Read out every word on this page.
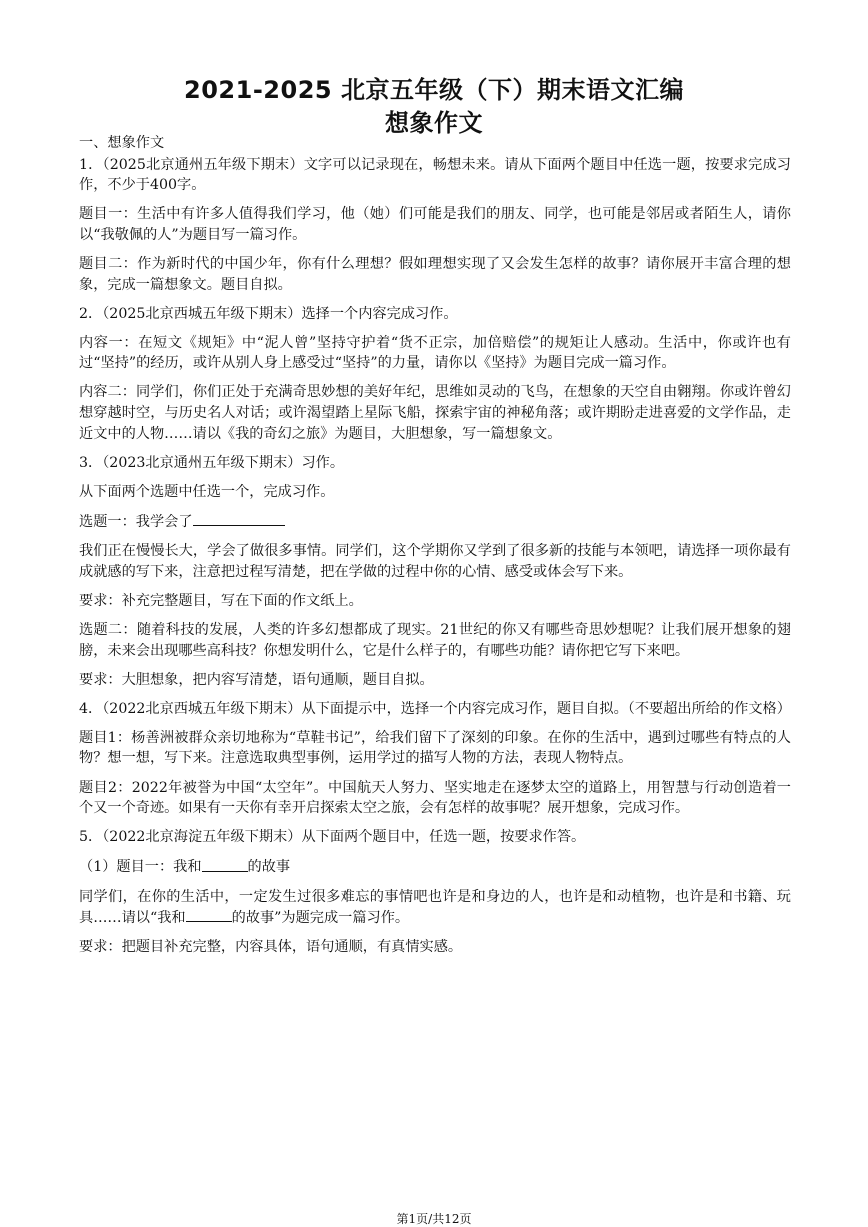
2021-2025 北京五年级（下）期末语文汇编
想象作文

一、想象作文

1．（2025北京通州五年级下期末）文字可以记录现在，畅想未来。请从下面两个题目中任选一题，按要求完成习作，不少于400字。

题目一：生活中有许多人值得我们学习，他（她）们可能是我们的朋友、同学，也可能是邻居或者陌生人，请你以“我敬佩的人”为题目写一篇习作。

题目二：作为新时代的中国少年，你有什么理想？假如理想实现了又会发生怎样的故事？请你展开丰富合理的想象，完成一篇想象文。题目自拟。

2．（2025北京西城五年级下期末）选择一个内容完成习作。

内容一：在短文《规矩》中“泥人曾”坚持守护着“货不正宗，加倍赔偿”的规矩让人感动。生活中，你或许也有过“坚持”的经历，或许从别人身上感受过“坚持”的力量，请你以《坚持》为题目完成一篇习作。

内容二：同学们，你们正处于充满奇思妙想的美好年纪，思维如灵动的飞鸟，在想象的天空自由翱翔。你或许曾幻想穿越时空，与历史名人对话；或许渴望踏上星际飞船，探索宇宙的神秘角落；或许期盼走进喜爱的文学作品，走近文中的人物……请以《我的奇幻之旅》为题目，大胆想象，写一篇想象文。

3．（2023北京通州五年级下期末）习作。

从下面两个选题中任选一个，完成习作。

选题一：我学会了

我们正在慢慢长大，学会了做很多事情。同学们，这个学期你又学到了很多新的技能与本领吧，请选择一项你最有成就感的写下来，注意把过程写清楚，把在学做的过程中你的心情、感受或体会写下来。

要求：补充完整题目，写在下面的作文纸上。

选题二：随着科技的发展，人类的许多幻想都成了现实。21世纪的你又有哪些奇思妙想呢？让我们展开想象的翅膀，未来会出现哪些高科技？你想发明什么，它是什么样子的，有哪些功能？请你把它写下来吧。

要求：大胆想象，把内容写清楚，语句通顺，题目自拟。

4．（2022北京西城五年级下期末）从下面提示中，选择一个内容完成习作，题目自拟。（不要超出所给的作文格）

题目1：杨善洲被群众亲切地称为“草鞋书记”，给我们留下了深刻的印象。在你的生活中，遇到过哪些有特点的人物？想一想，写下来。注意选取典型事例，运用学过的描写人物的方法，表现人物特点。

题目2：2022年被誉为中国“太空年”。中国航天人努力、坚实地走在逐梦太空的道路上，用智慧与行动创造着一个又一个奇迹。如果有一天你有幸开启探索太空之旅，会有怎样的故事呢？展开想象，完成习作。

5．（2022北京海淀五年级下期末）从下面两个题目中，任选一题，按要求作答。

（1）题目一：我和	的故事

同学们，在你的生活中，一定发生过很多难忘的事情吧也许是和身边的人，也许是和动植物，也许是和书籍、玩具……请以“我和	的故事”为题完成一篇习作。

要求：把题目补充完整，内容具体，语句通顺，有真情实感。

第1页/共12页
